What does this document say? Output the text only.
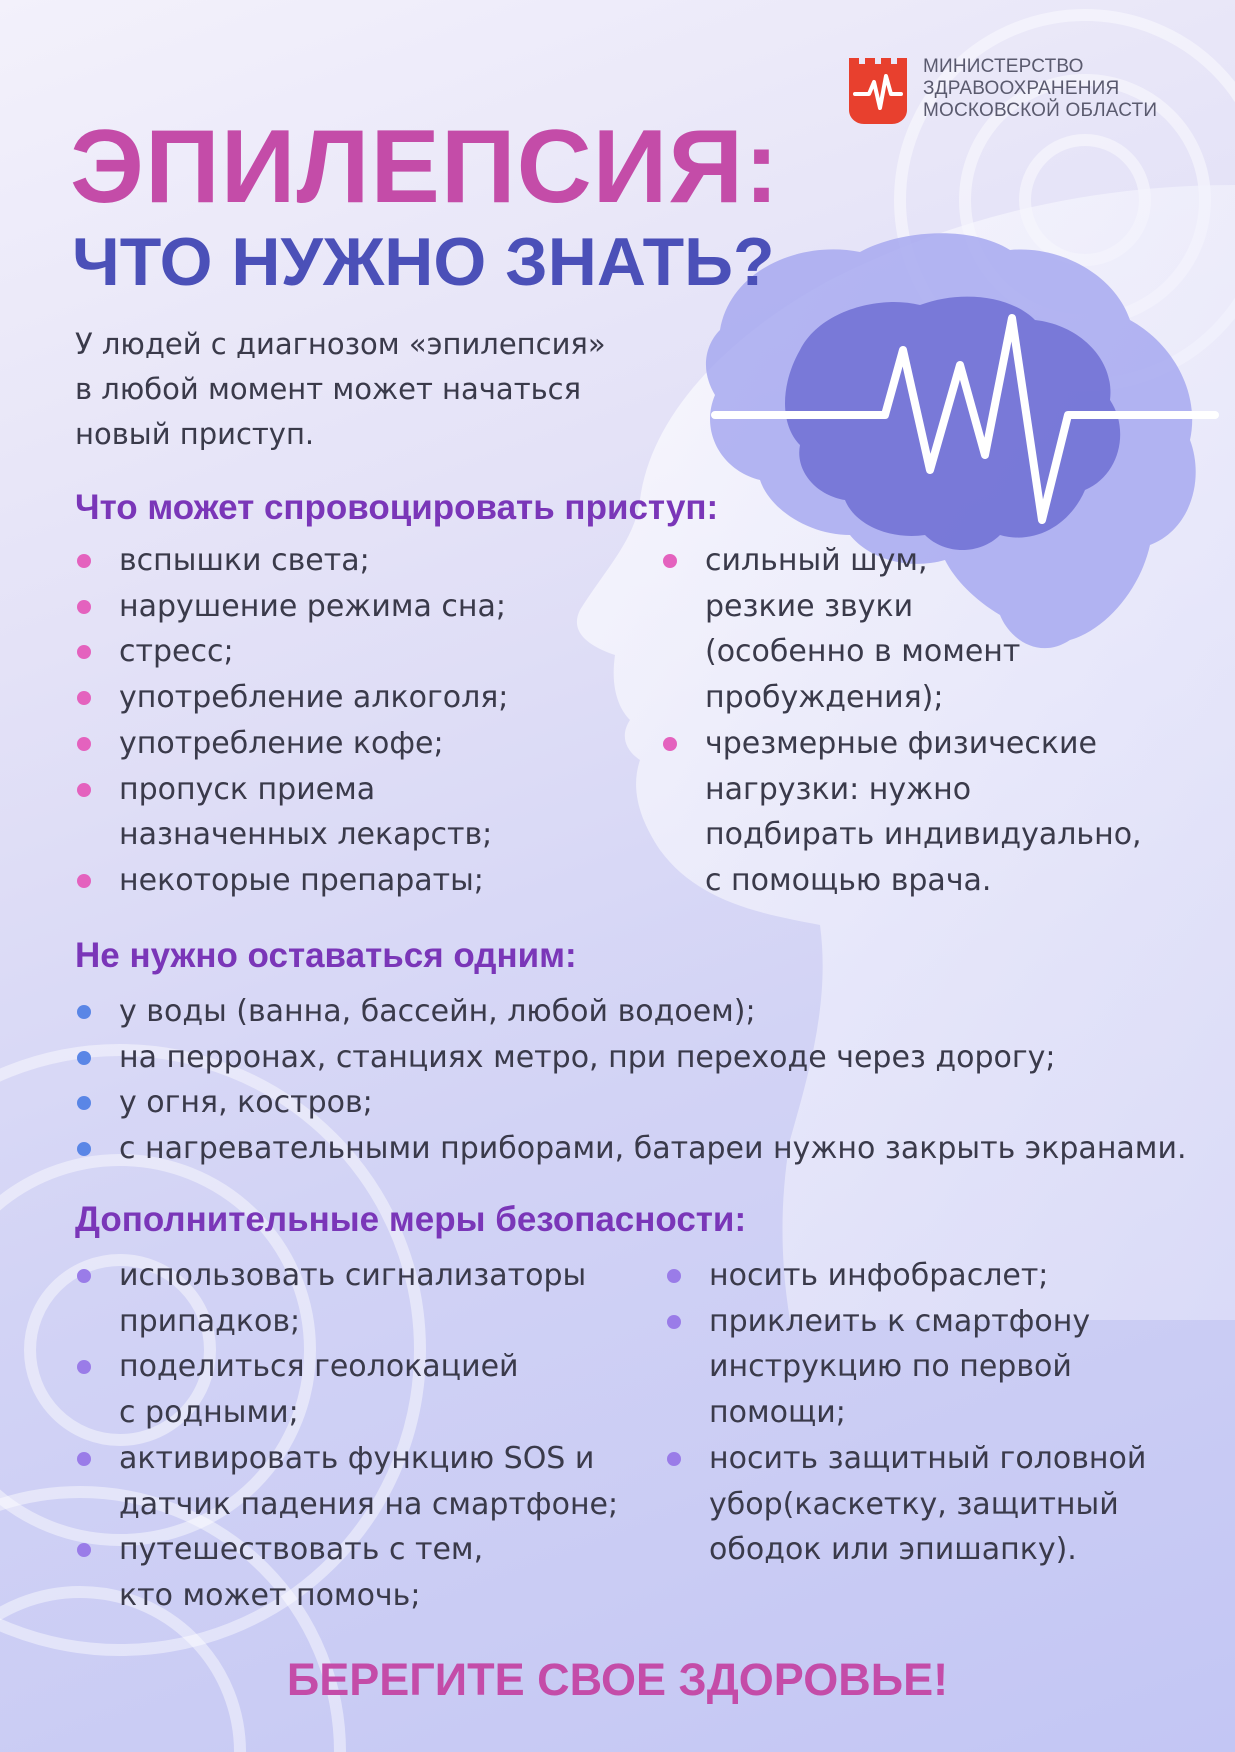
МИНИСТЕРСТВО
ЗДРАВООХРАНЕНИЯ
МОСКОВСКОЙ ОБЛАСТИ
ЭПИЛЕПСИЯ:
ЧТО НУЖНО ЗНАТЬ?
У людей с диагнозом «эпилепсия»
в любой момент может начаться
новый приступ.
Что может спровоцировать приступ:
вспышки света;
нарушение режима сна;
стресс;
употребление алкоголя;
употребление кофе;
пропуск приема
назначенных лекарств;
некоторые препараты;
сильный шум,
резкие звуки
(особенно в момент
пробуждения);
чрезмерные физические
нагрузки: нужно
подбирать индивидуально,
с помощью врача.
Не нужно оставаться одним:
у воды (ванна, бассейн, любой водоем);
на перронах, станциях метро, при переходе через дорогу;
у огня, костров;
с нагревательными приборами, батареи нужно закрыть экранами.
Дополнительные меры безопасности:
использовать сигнализаторы
припадков;
поделиться геолокацией
с родными;
активировать функцию SOS и
датчик падения на смартфоне;
путешествовать с тем,
кто может помочь;
носить инфобраслет;
приклеить к смартфону
инструкцию по первой
помощи;
носить защитный головной
убор(каскетку, защитный
ободок или эпишапку).
БЕРЕГИТЕ СВОЕ ЗДОРОВЬЕ!
